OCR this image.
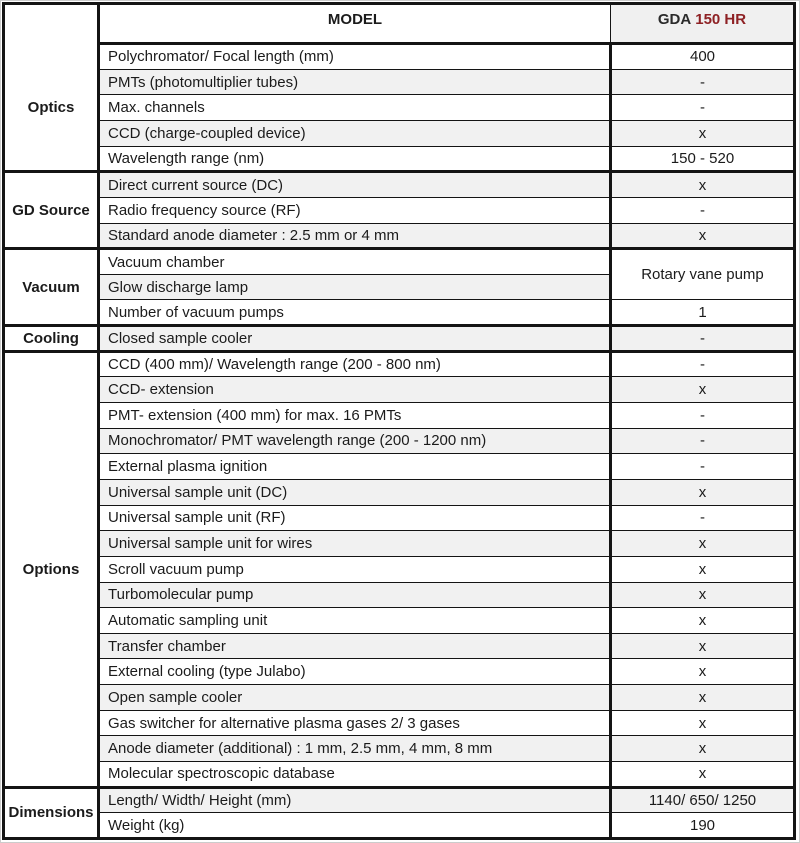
Optics	MODEL	GDA 150 HR
	Polychromator/ Focal length (mm)	400
	PMTs (photomultiplier tubes)	-
	Max. channels	-
	CCD (charge-coupled device)	x
	Wavelength range (nm)	150 - 520
GD Source	Direct current source (DC)	x
	Radio frequency source (RF)	-
	Standard anode diameter : 2.5 mm or 4 mm	x
Vacuum	Vacuum chamber	Rotary vane pump
	Glow discharge lamp	
	Number of vacuum pumps	1
Cooling	Closed sample cooler	-
Options	CCD (400 mm)/ Wavelength range (200 - 800 nm)	-
	CCD- extension	x
	PMT- extension (400 mm) for max. 16 PMTs	-
	Monochromator/ PMT wavelength range (200 - 1200 nm)	-
	External plasma ignition	-
	Universal sample unit (DC)	x
	Universal sample unit (RF)	-
	Universal sample unit for wires	x
	Scroll vacuum pump	x
	Turbomolecular pump	x
	Automatic sampling unit	x
	Transfer chamber	x
	External cooling (type Julabo)	x
	Open sample cooler	x
	Gas switcher for alternative plasma gases 2/ 3 gases	x
	Anode diameter (additional) : 1 mm, 2.5 mm, 4 mm, 8 mm	x
	Molecular spectroscopic database	x
Dimensions	Length/ Width/ Height (mm)	1140/ 650/ 1250
	Weight (kg)	190
